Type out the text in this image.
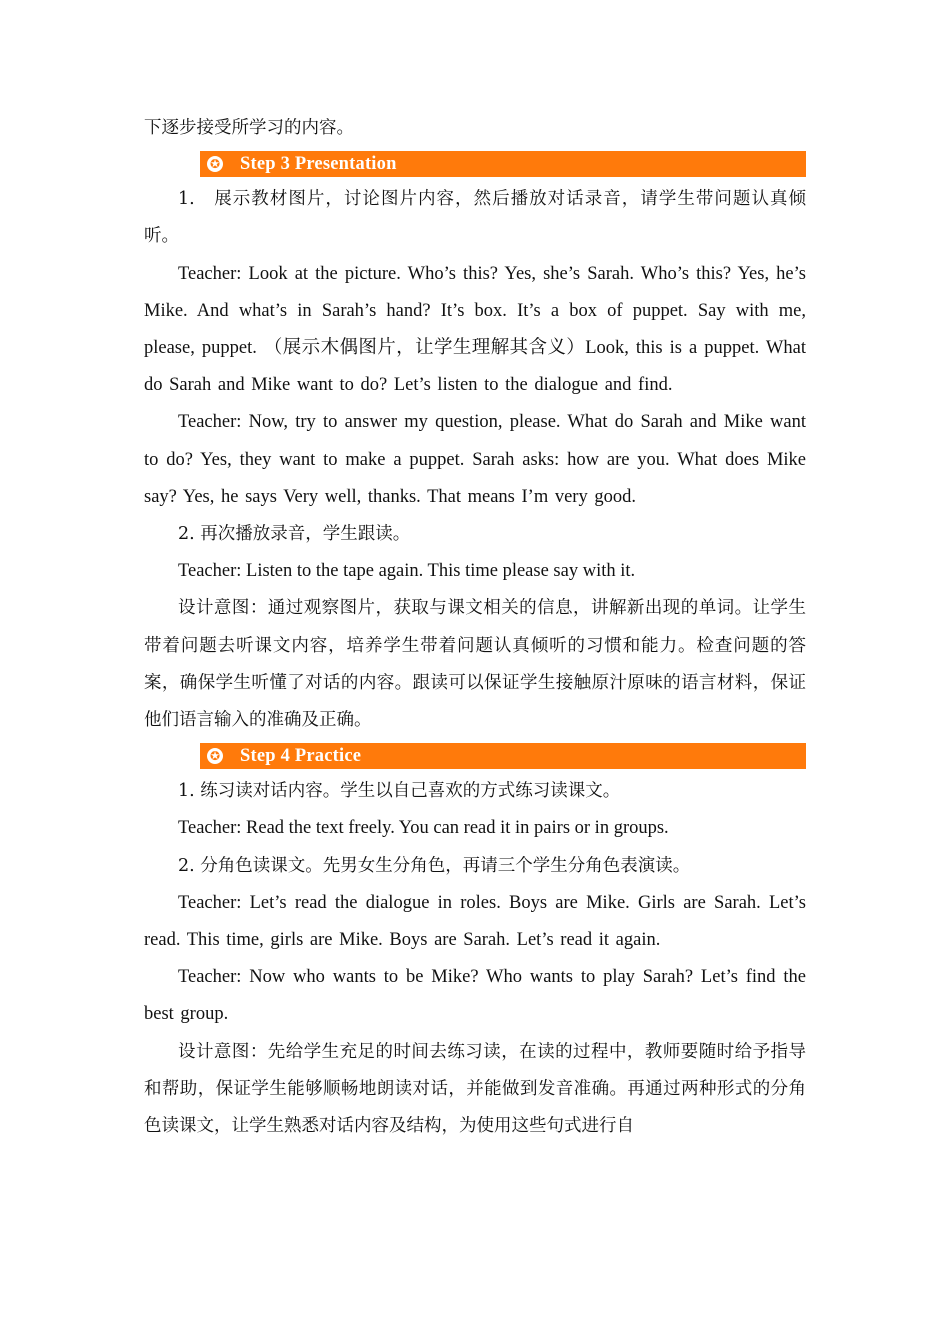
下逐步接受所学习的内容。

✪ Step 3 Presentation

1.　展示教材图片，讨论图片内容，然后播放对话录音，请学生带问题认真倾听。

Teacher: Look at the picture. Who’s this? Yes, she’s Sarah. Who’s this? Yes, he’s Mike. And what’s in Sarah’s hand? It’s box. It’s a box of puppet. Say with me, please, puppet. （展示木偶图片，让学生理解其含义）Look, this is a puppet. What do Sarah and Mike want to do? Let’s listen to the dialogue and find.

Teacher: Now, try to answer my question, please. What do Sarah and Mike want to do? Yes, they want to make a puppet. Sarah asks: how are you. What does Mike say? Yes, he says Very well, thanks. That means I’m very good.

2. 再次播放录音，学生跟读。

Teacher: Listen to the tape again. This time please say with it.

设计意图：通过观察图片，获取与课文相关的信息，讲解新出现的单词。让学生带着问题去听课文内容，培养学生带着问题认真倾听的习惯和能力。检查问题的答案，确保学生听懂了对话的内容。跟读可以保证学生接触原汁原味的语言材料，保证他们语言输入的准确及正确。

✪ Step 4 Practice

1. 练习读对话内容。学生以自己喜欢的方式练习读课文。

Teacher: Read the text freely. You can read it in pairs or in groups.

2. 分角色读课文。先男女生分角色，再请三个学生分角色表演读。

Teacher: Let’s read the dialogue in roles. Boys are Mike. Girls are Sarah. Let’s read. This time, girls are Mike. Boys are Sarah. Let’s read it again.

Teacher: Now who wants to be Mike? Who wants to play Sarah? Let’s find the best group.

设计意图：先给学生充足的时间去练习读，在读的过程中，教师要随时给予指导和帮助，保证学生能够顺畅地朗读对话，并能做到发音准确。再通过两种形式的分角色读课文，让学生熟悉对话内容及结构，为使用这些句式进行自
